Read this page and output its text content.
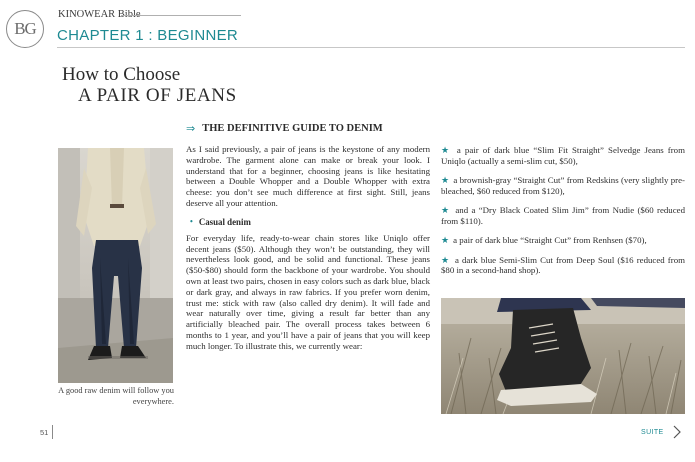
BG
KINOWEAR Bible
CHAPTER 1 : BEGINNER
How to Choose
A PAIR OF JEANS
A good raw denim will follow you everywhere.
⇒ THE DEFINITIVE GUIDE TO DENIM

As I said previously, a pair of jeans is the keystone of any modern wardrobe. The garment alone can make or break your look. I understand that for a beginner, choosing jeans is like hesitating between a Double Whopper and a Double Whopper with extra cheese: you don’t see much difference at first sight. Still, jeans deserve all your attention.

• Casual denim

For everyday life, ready-to-wear chain stores like Uniqlo offer decent jeans ($50). Although they won’t be outstanding, they will nevertheless look good, and be solid and functional. These jeans ($50-$80) should form the backbone of your wardrobe. You should own at least two pairs, chosen in easy colors such as dark blue, black or dark gray, and always in raw fabrics. If you prefer worn denim, trust me: stick with raw (also called dry denim). It will fade and wear naturally over time, giving a result far better than any artificially bleached pair. The overall process takes between 6 months to 1 year, and you’ll have a pair of jeans that you will keep much longer. To illustrate this, we currently wear:

★ a pair of dark blue “Slim Fit Straight” Selvedge Jeans from Uniqlo (actually a semi-slim cut, $50),

★ a brownish-gray “Straight Cut” from Redskins (very slightly pre-bleached, $60 reduced from $120),

★ and a “Dry Black Coated Slim Jim” from Nudie ($60 reduced from $110).

★ a pair of dark blue “Straight Cut” from Renhsen ($70),

★ a dark blue Semi-Slim Cut from Deep Soul ($16 reduced from $80 in a second-hand shop).

51	SUITE
